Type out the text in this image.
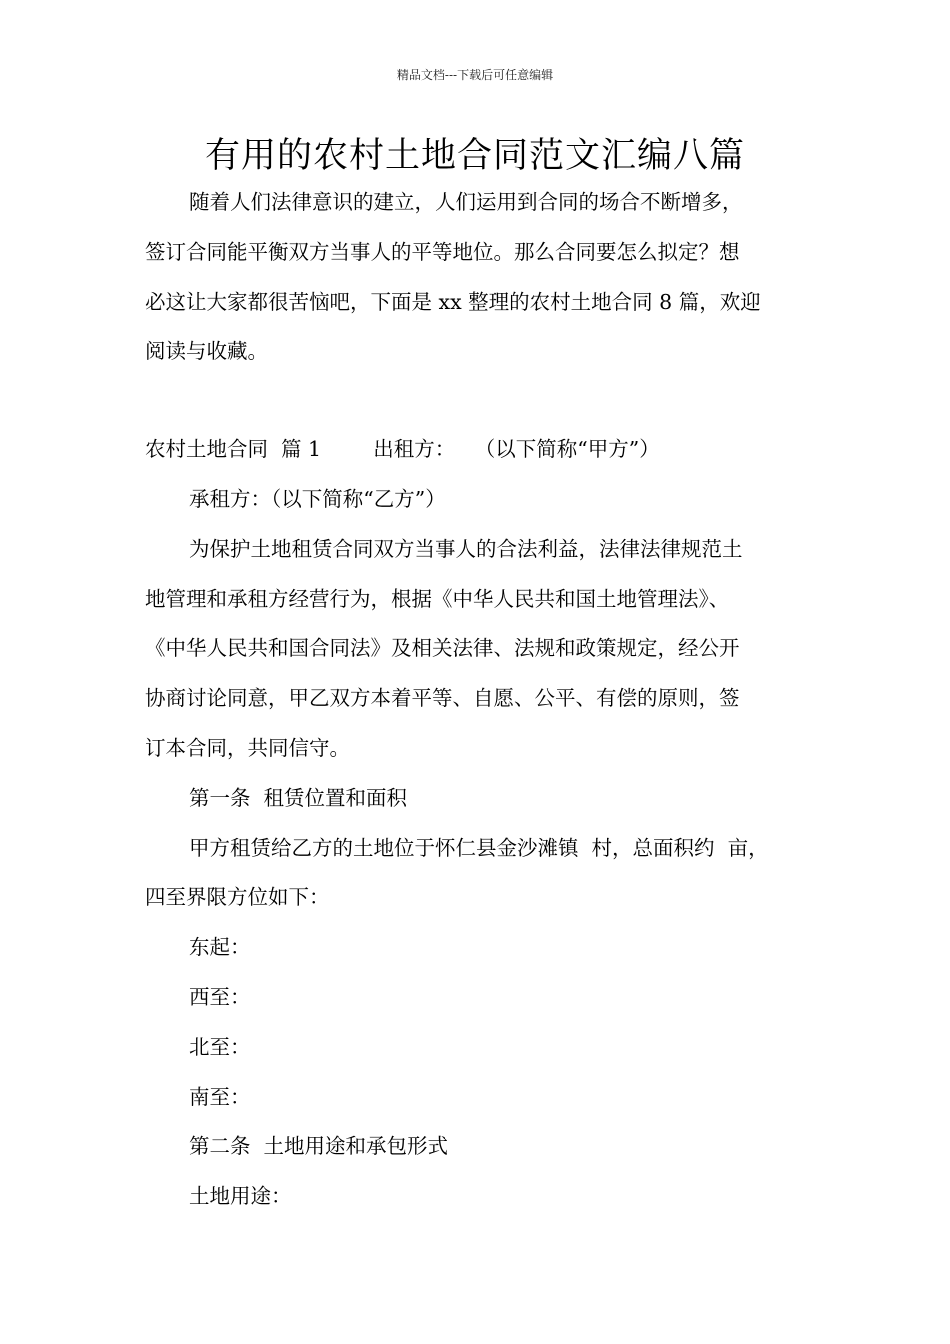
精品文档---下载后可任意编辑
有用的农村土地合同范文汇编八篇
随着人们法律意识的建立，人们运用到合同的场合不断增多，
签订合同能平衡双方当事人的平等地位。那么合同要怎么拟定？想
必这让大家都很苦恼吧，下面是 xx 整理的农村土地合同 8 篇，欢迎
阅读与收藏。
农村土地合同  篇 1        出租方：   （以下简称“甲方”）
承租方：（以下简称“乙方”）
为保护土地租赁合同双方当事人的合法利益，法律法律规范土
地管理和承租方经营行为，根据《中华人民共和国土地管理法》、
《中华人民共和国合同法》及相关法律、法规和政策规定，经公开
协商讨论同意，甲乙双方本着平等、自愿、公平、有偿的原则，签
订本合同，共同信守。
第一条  租赁位置和面积
甲方租赁给乙方的土地位于怀仁县金沙滩镇  村，总面积约  亩，
四至界限方位如下：
东起：
西至：
北至：
南至：
第二条  土地用途和承包形式
土地用途：
